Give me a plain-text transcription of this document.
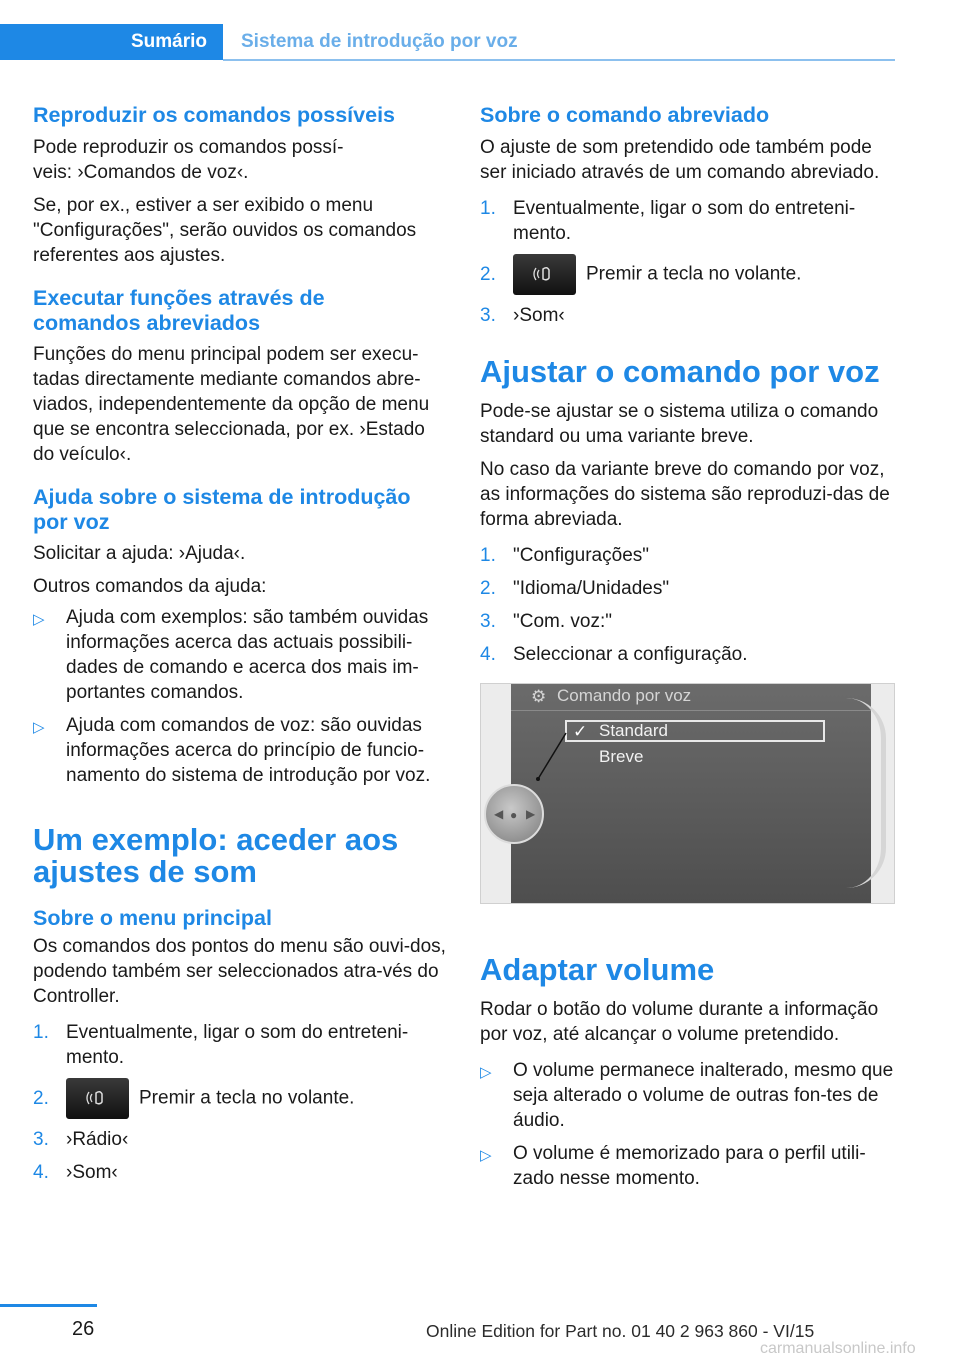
Sumário	Sistema de introdução por voz
Reproduzir os comandos possíveis
Pode reproduzir os comandos possí-veis: ›Comandos de voz‹.
Se, por ex., estiver a ser exibido o menu "Configurações", serão ouvidos os comandos referentes aos ajustes.
Executar funções através de comandos abreviados
Funções do menu principal podem ser execu-tadas directamente mediante comandos abre-viados, independentemente da opção de menu que se encontra seleccionada, por ex. ›Estado do veículo‹.
Ajuda sobre o sistema de introdução por voz
Solicitar a ajuda: ›Ajuda‹.
Outros comandos da ajuda:
▷	Ajuda com exemplos: são também ouvidas informações acerca das actuais possibili-dades de comando e acerca dos mais im-portantes comandos.
▷	Ajuda com comandos de voz: são ouvidas informações acerca do princípio de funcio-namento do sistema de introdução por voz.
Um exemplo: aceder aos ajustes de som
Sobre o menu principal
Os comandos dos pontos do menu são ouvi-dos, podendo também ser seleccionados atra-vés do Controller.
1. Eventualmente, ligar o som do entreteni-mento.
2.	Premir a tecla no volante.
3. ›Rádio‹
4. ›Som‹
Sobre o comando abreviado
O ajuste de som pretendido ode também pode ser iniciado através de um comando abreviado.
1. Eventualmente, ligar o som do entreteni-mento.
2.	Premir a tecla no volante.
3. ›Som‹
Ajustar o comando por voz
Pode-se ajustar se o sistema utiliza o comando standard ou uma variante breve.
No caso da variante breve do comando por voz, as informações do sistema são reproduzi-das de forma abreviada.
1. "Configurações"
2. "Idioma/Unidades"
3. "Com. voz:"
4. Seleccionar a configuração.
⚙ Comando por voz
✓ Standard
Breve
◀ ● ▶
Adaptar volume
Rodar o botão do volume durante a informação por voz, até alcançar o volume pretendido.
▷	O volume permanece inalterado, mesmo que seja alterado o volume de outras fon-tes de áudio.
▷	O volume é memorizado para o perfil utili-zado nesse momento.
26	Online Edition for Part no. 01 40 2 963 860 - VI/15
carmanualsonline.info
